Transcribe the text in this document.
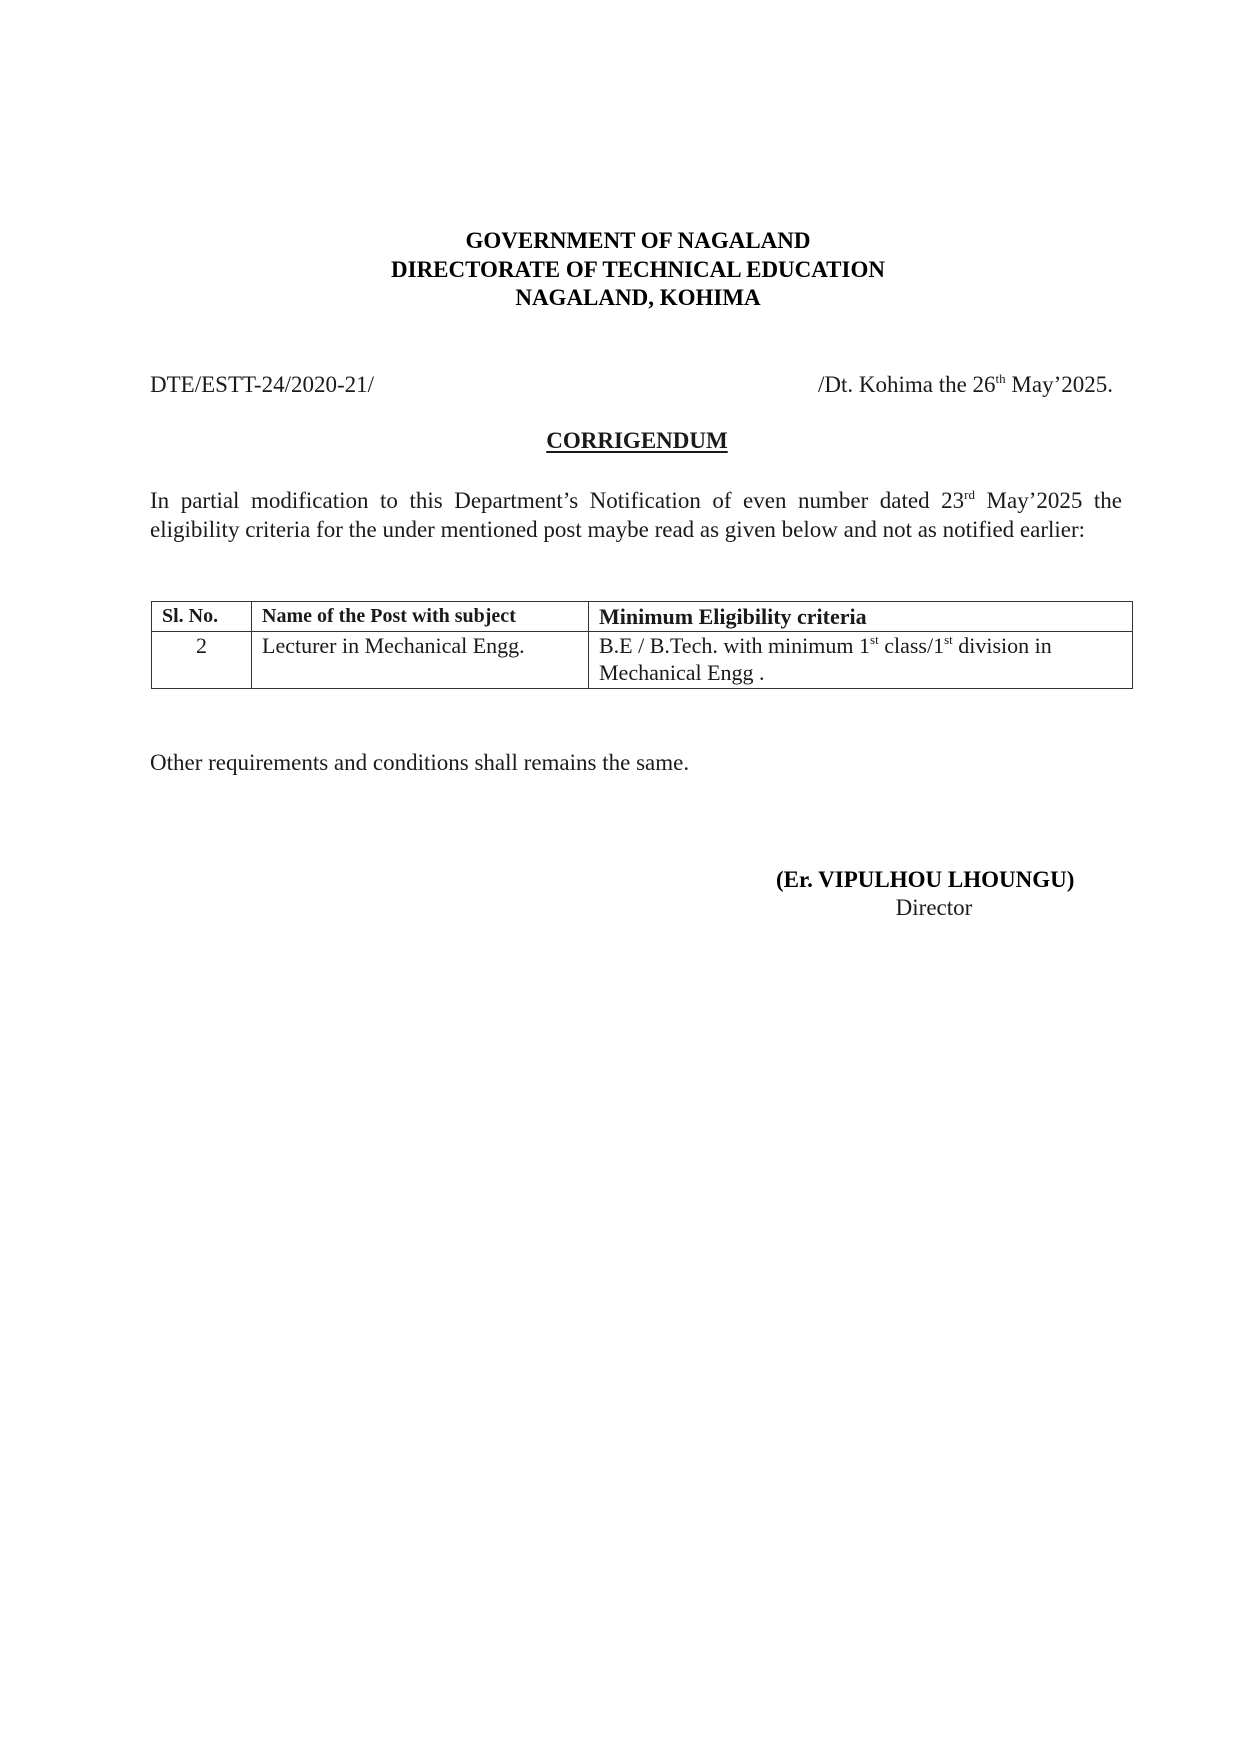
GOVERNMENT OF NAGALAND
DIRECTORATE OF TECHNICAL EDUCATION
NAGALAND, KOHIMA
DTE/ESTT-24/2020-21/	/Dt. Kohima the 26th May’2025.
CORRIGENDUM
In partial modification to this Department’s Notification of even number dated 23rd May’2025 the eligibility criteria for the under mentioned post maybe read as given below and not as notified earlier:
Sl. No.	Name of the Post with subject	Minimum Eligibility criteria
2	Lecturer in Mechanical Engg.	B.E / B.Tech. with minimum 1st class/1st division in Mechanical Engg .
Other requirements and conditions shall remains the same.
(Er. VIPULHOU LHOUNGU)
Director
